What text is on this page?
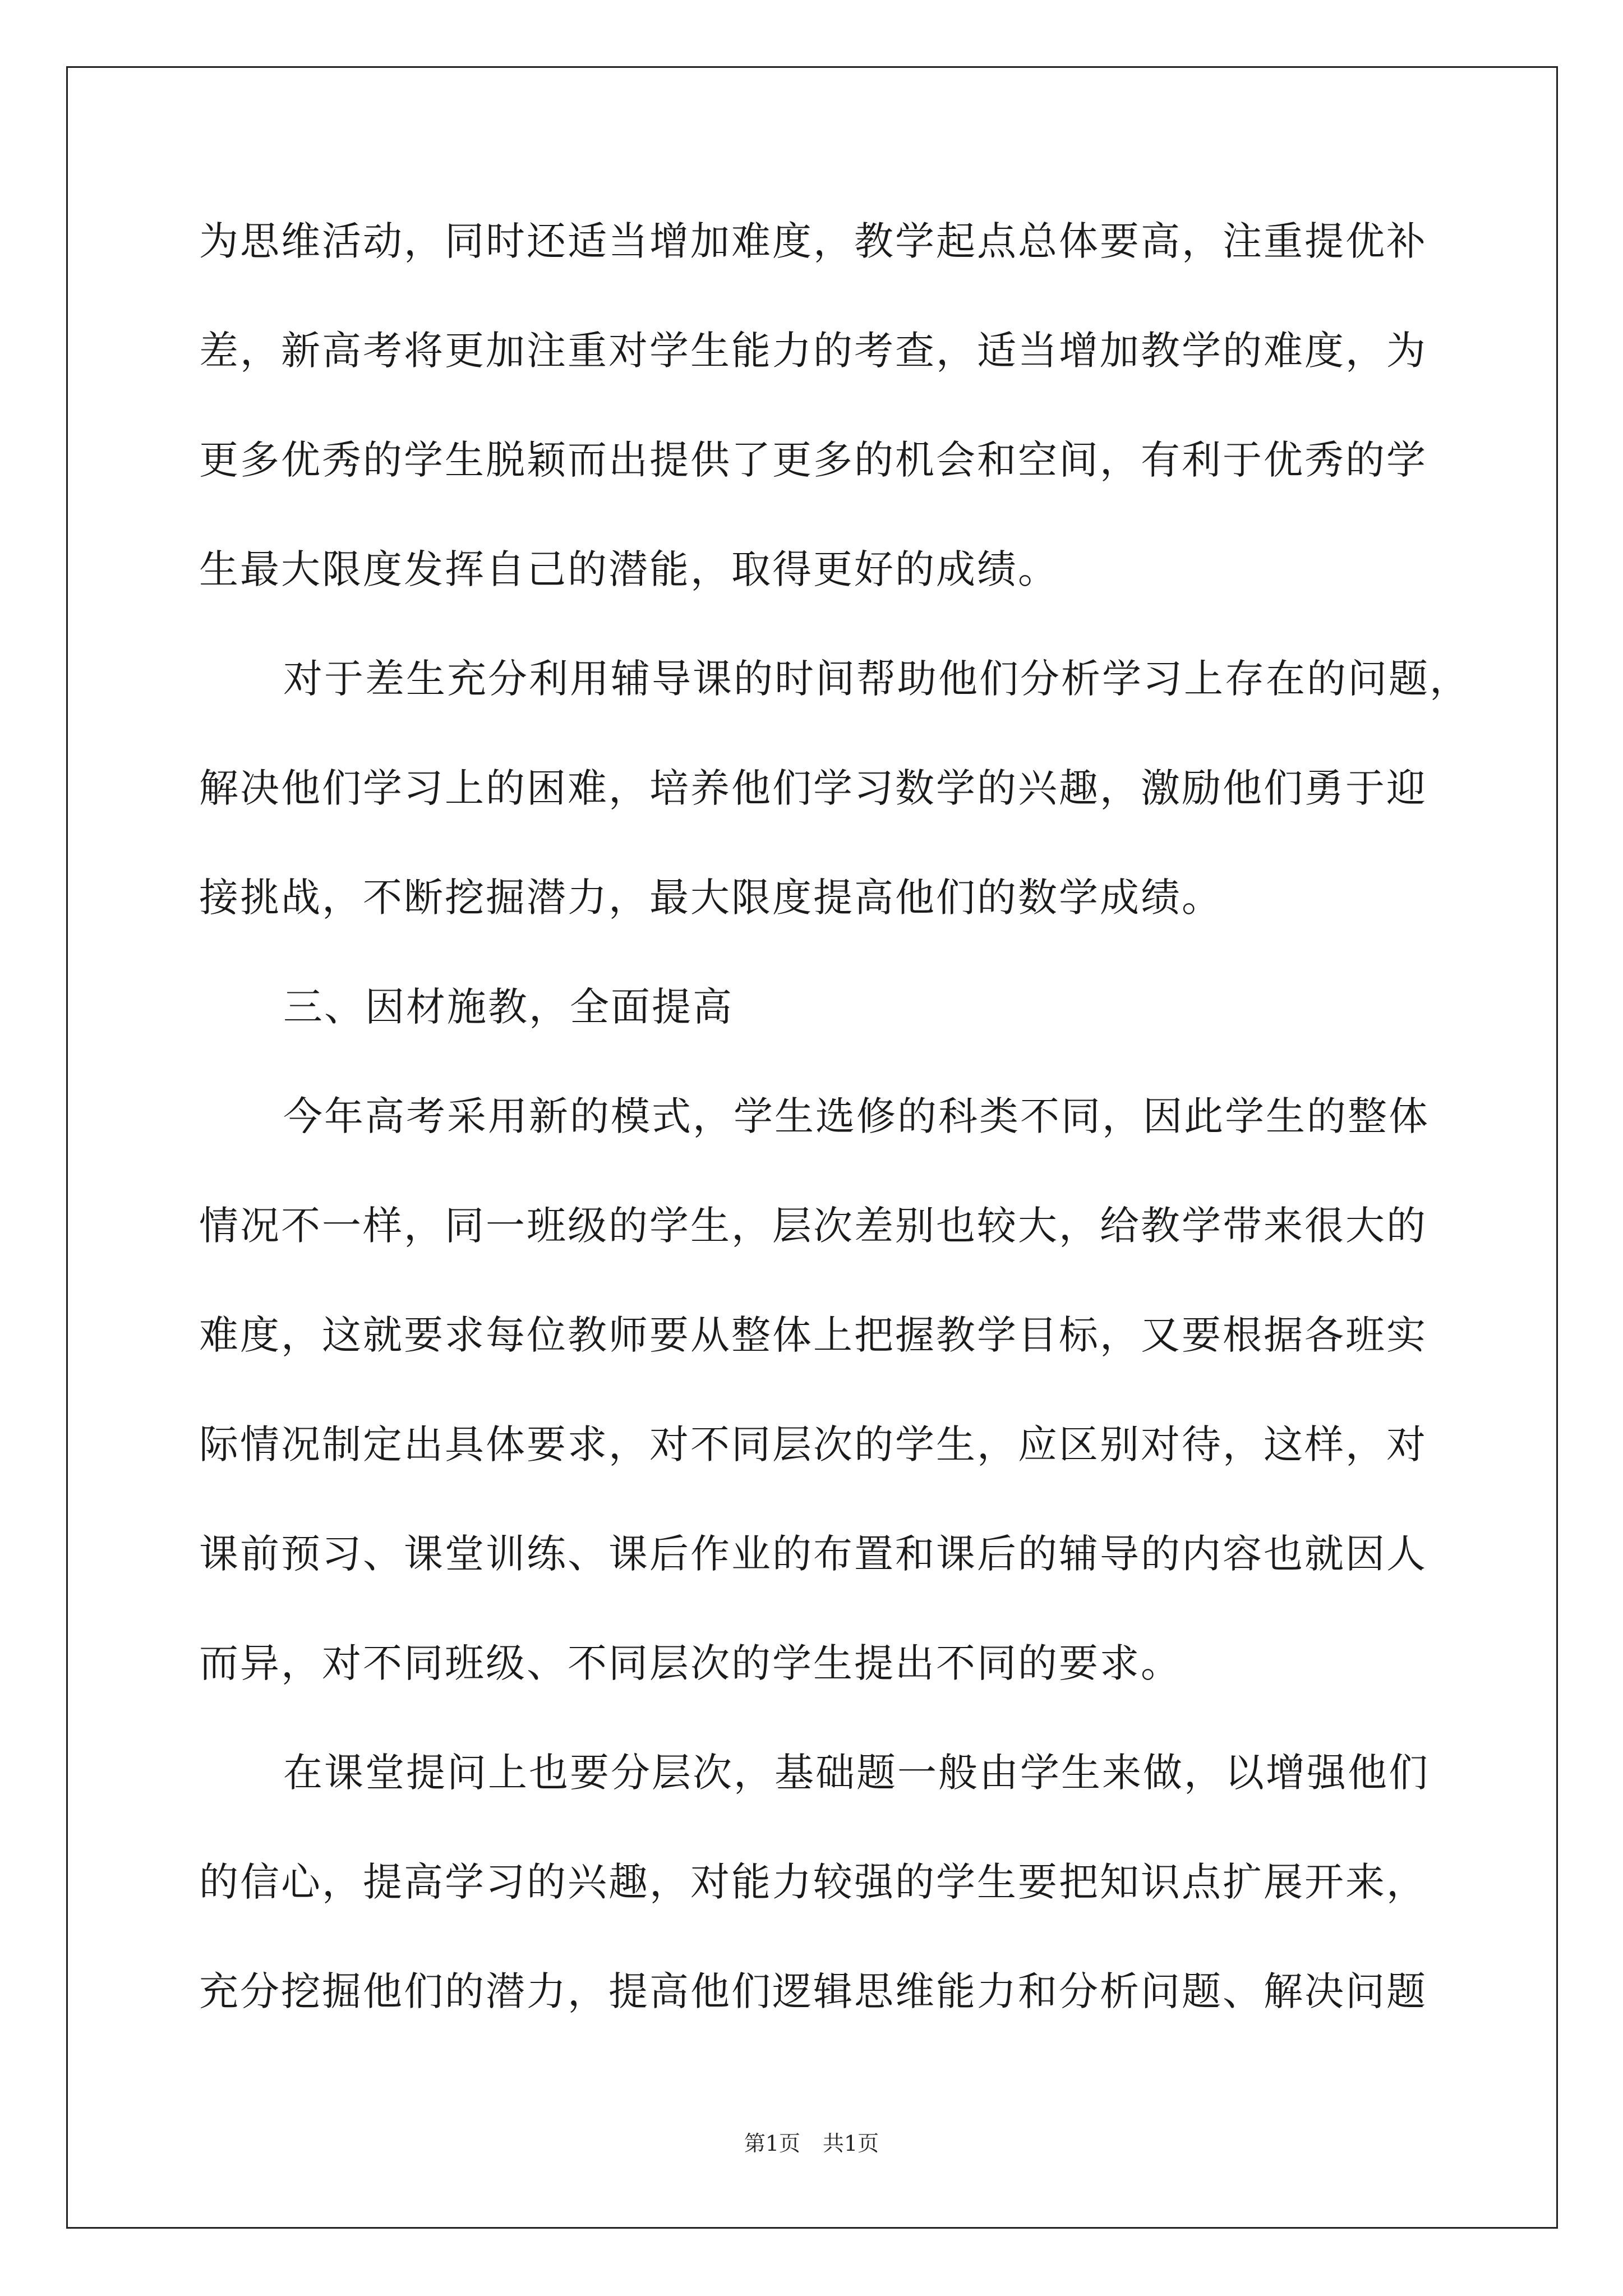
为思维活动，同时还适当增加难度，教学起点总体要高，注重提优补
差，新高考将更加注重对学生能力的考查，适当增加教学的难度，为
更多优秀的学生脱颖而出提供了更多的机会和空间，有利于优秀的学
生最大限度发挥自己的潜能，取得更好的成绩。
对于差生充分利用辅导课的时间帮助他们分析学习上存在的问题，
解决他们学习上的困难，培养他们学习数学的兴趣，激励他们勇于迎
接挑战，不断挖掘潜力，最大限度提高他们的数学成绩。
三、因材施教，全面提高
今年高考采用新的模式，学生选修的科类不同，因此学生的整体
情况不一样，同一班级的学生，层次差别也较大，给教学带来很大的
难度，这就要求每位教师要从整体上把握教学目标，又要根据各班实
际情况制定出具体要求，对不同层次的学生，应区别对待，这样，对
课前预习、课堂训练、课后作业的布置和课后的辅导的内容也就因人
而异，对不同班级、不同层次的学生提出不同的要求。
在课堂提问上也要分层次，基础题一般由学生来做，以增强他们
的信心，提高学习的兴趣，对能力较强的学生要把知识点扩展开来，
充分挖掘他们的潜力，提高他们逻辑思维能力和分析问题、解决问题
第1页 共1页
